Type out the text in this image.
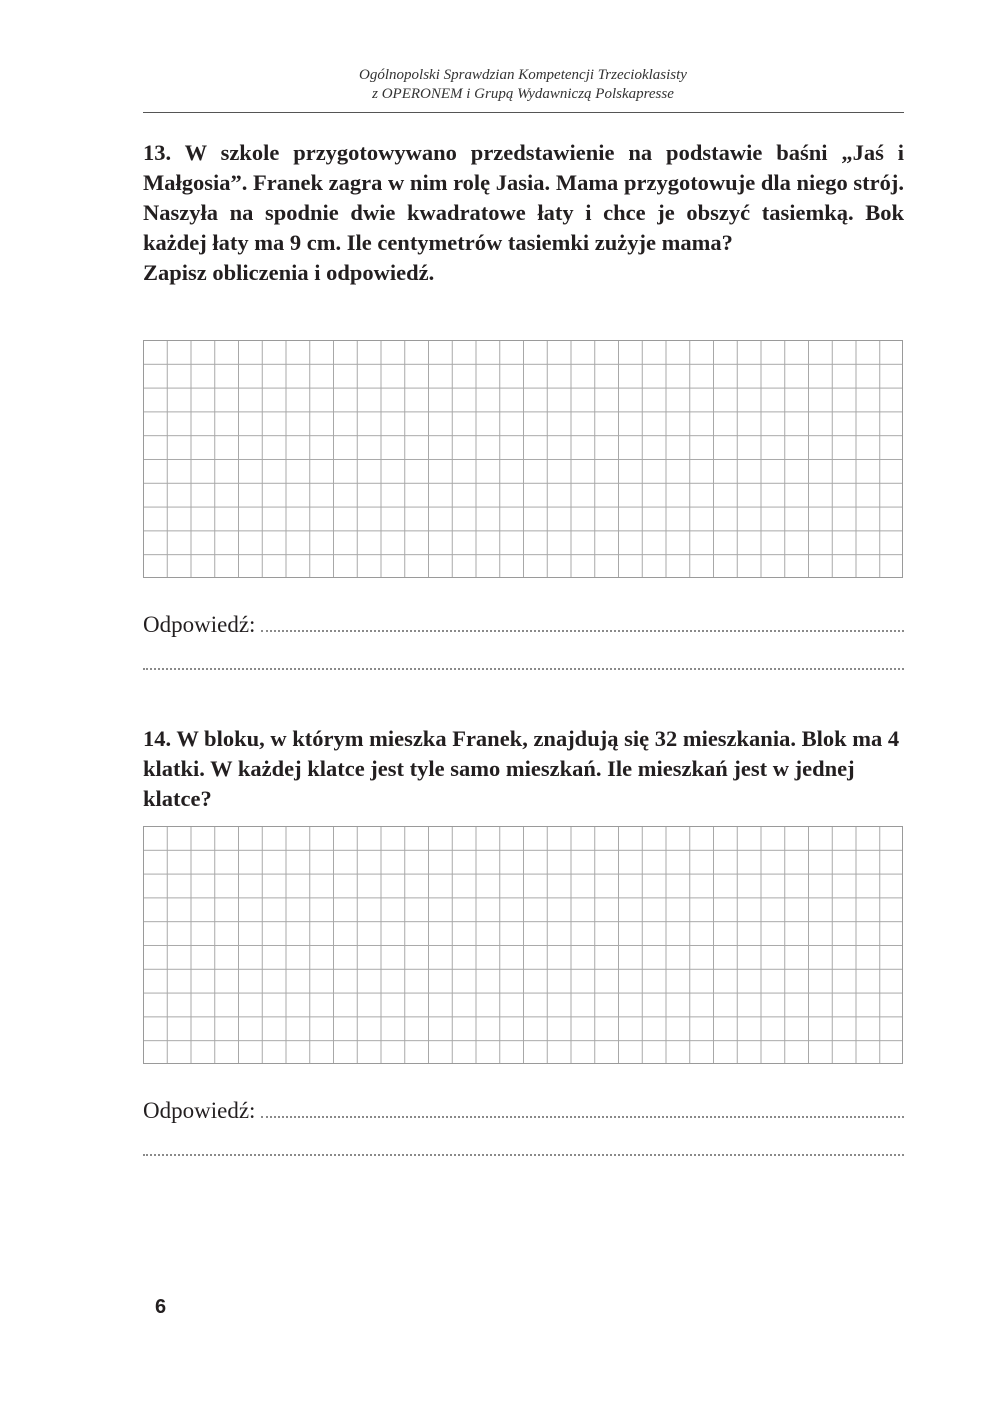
Ogólnopolski Sprawdzian Kompetencji Trzecioklasisty
z OPERONEM i Grupą Wydawniczą Polskapresse

13. W szkole przygotowywano przedstawienie na podstawie baśni „Jaś i Małgosia”. Franek zagra w nim rolę Jasia. Mama przygotowuje dla niego strój. Naszyła na spodnie dwie kwadratowe łaty i chce je obszyć tasiemką. Bok każdej łaty ma 9 cm. Ile centymetrów tasiemki zużyje mama?

Zapisz obliczenia i odpowiedź.

Odpowiedź:

14. W bloku, w którym mieszka Franek, znajdują się 32 mieszkania. Blok ma 4 klatki. W każdej klatce jest tyle samo mieszkań. Ile mieszkań jest w jednej klatce?

Odpowiedź:
6
